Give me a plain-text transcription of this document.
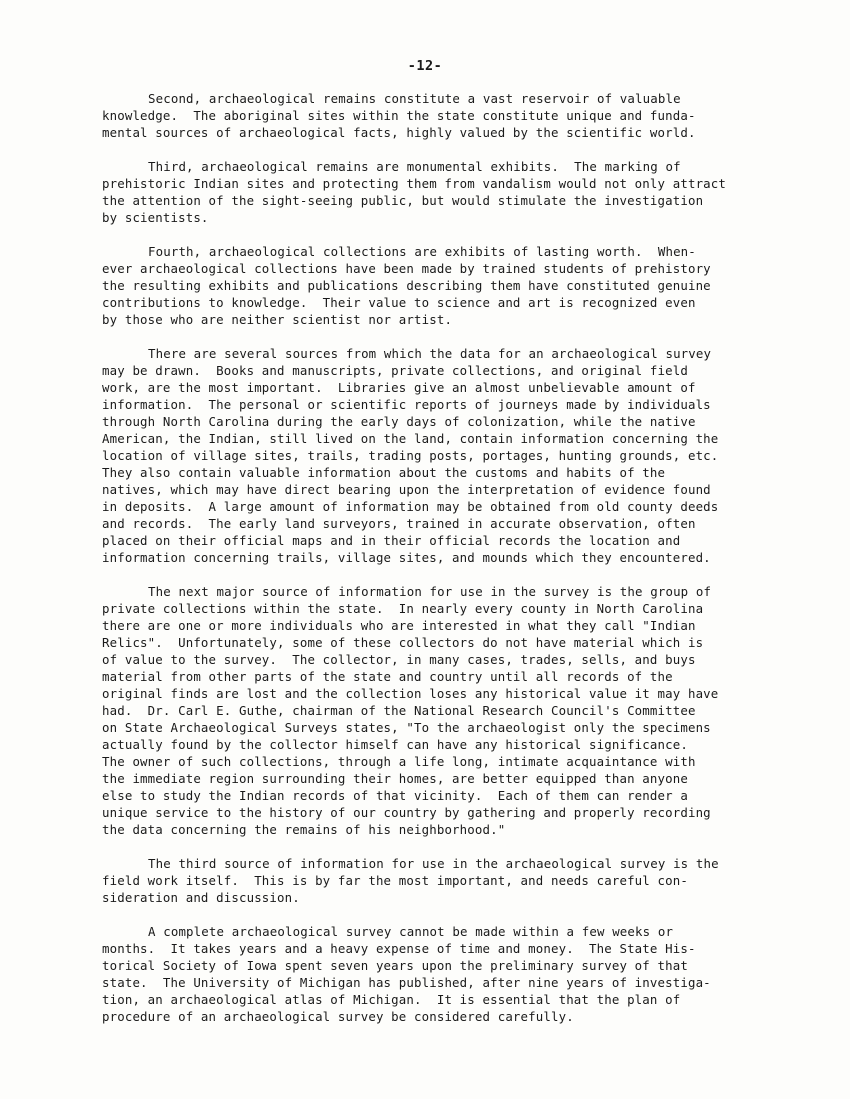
-12-

Second, archaeological remains constitute a vast reservoir of valuable
knowledge.  The aboriginal sites within the state constitute unique and funda-
mental sources of archaeological facts, highly valued by the scientific world.

Third, archaeological remains are monumental exhibits.  The marking of
prehistoric Indian sites and protecting them from vandalism would not only attract
the attention of the sight-seeing public, but would stimulate the investigation
by scientists.

Fourth, archaeological collections are exhibits of lasting worth.  When-
ever archaeological collections have been made by trained students of prehistory
the resulting exhibits and publications describing them have constituted genuine
contributions to knowledge.  Their value to science and art is recognized even
by those who are neither scientist nor artist.

There are several sources from which the data for an archaeological survey
may be drawn.  Books and manuscripts, private collections, and original field
work, are the most important.  Libraries give an almost unbelievable amount of
information.  The personal or scientific reports of journeys made by individuals
through North Carolina during the early days of colonization, while the native
American, the Indian, still lived on the land, contain information concerning the
location of village sites, trails, trading posts, portages, hunting grounds, etc.
They also contain valuable information about the customs and habits of the
natives, which may have direct bearing upon the interpretation of evidence found
in deposits.  A large amount of information may be obtained from old county deeds
and records.  The early land surveyors, trained in accurate observation, often
placed on their official maps and in their official records the location and
information concerning trails, village sites, and mounds which they encountered.

The next major source of information for use in the survey is the group of
private collections within the state.  In nearly every county in North Carolina
there are one or more individuals who are interested in what they call "Indian
Relics".  Unfortunately, some of these collectors do not have material which is
of value to the survey.  The collector, in many cases, trades, sells, and buys
material from other parts of the state and country until all records of the
original finds are lost and the collection loses any historical value it may have
had.  Dr. Carl E. Guthe, chairman of the National Research Council's Committee
on State Archaeological Surveys states, "To the archaeologist only the specimens
actually found by the collector himself can have any historical significance.
The owner of such collections, through a life long, intimate acquaintance with
the immediate region surrounding their homes, are better equipped than anyone
else to study the Indian records of that vicinity.  Each of them can render a
unique service to the history of our country by gathering and properly recording
the data concerning the remains of his neighborhood."

The third source of information for use in the archaeological survey is the
field work itself.  This is by far the most important, and needs careful con-
sideration and discussion.

A complete archaeological survey cannot be made within a few weeks or
months.  It takes years and a heavy expense of time and money.  The State His-
torical Society of Iowa spent seven years upon the preliminary survey of that
state.  The University of Michigan has published, after nine years of investiga-
tion, an archaeological atlas of Michigan.  It is essential that the plan of
procedure of an archaeological survey be considered carefully.
